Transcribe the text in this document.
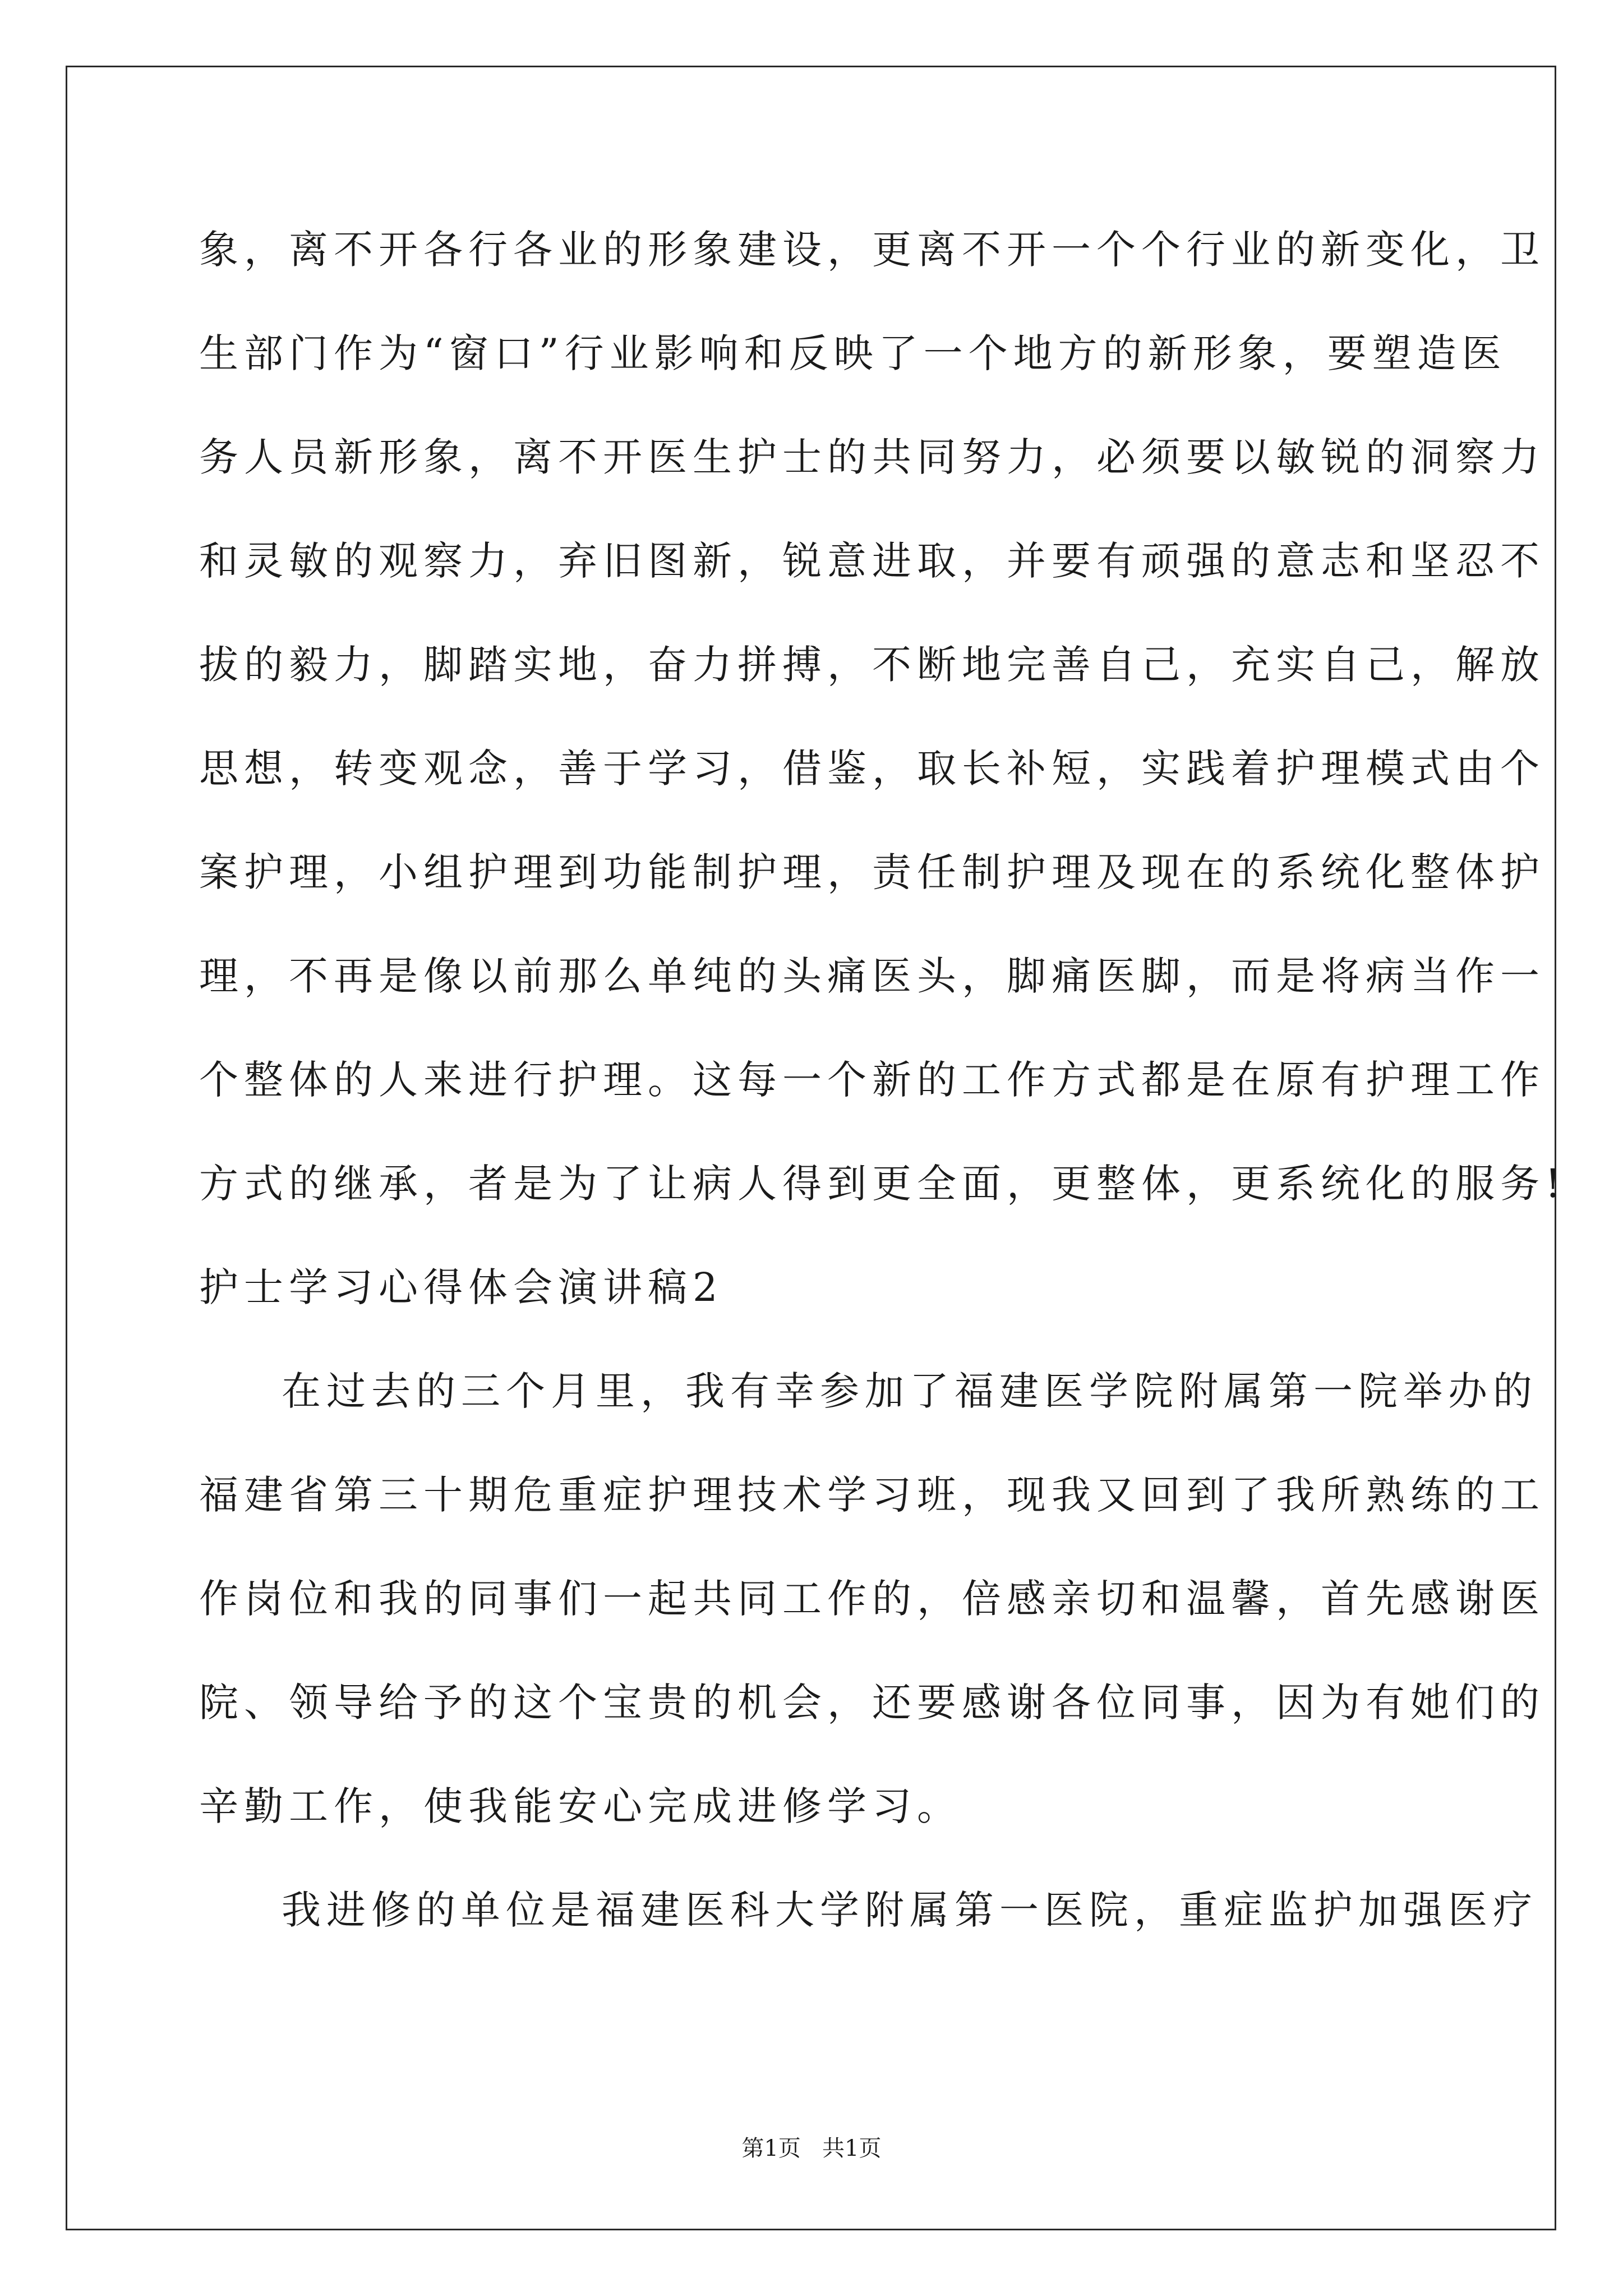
象，离不开各行各业的形象建设，更离不开一个个行业的新变化，卫
生部门作为“窗口”行业影响和反映了一个地方的新形象，要塑造医
务人员新形象，离不开医生护士的共同努力，必须要以敏锐的洞察力
和灵敏的观察力，弃旧图新，锐意进取，并要有顽强的意志和坚忍不
拔的毅力，脚踏实地，奋力拼搏，不断地完善自己，充实自己，解放
思想，转变观念，善于学习，借鉴，取长补短，实践着护理模式由个
案护理，小组护理到功能制护理，责任制护理及现在的系统化整体护
理，不再是像以前那么单纯的头痛医头，脚痛医脚，而是将病当作一
个整体的人来进行护理。这每一个新的工作方式都是在原有护理工作
方式的继承，者是为了让病人得到更全面，更整体，更系统化的服务!
护士学习心得体会演讲稿2
在过去的三个月里，我有幸参加了福建医学院附属第一院举办的
福建省第三十期危重症护理技术学习班，现我又回到了我所熟练的工
作岗位和我的同事们一起共同工作的，倍感亲切和温馨，首先感谢医
院、领导给予的这个宝贵的机会，还要感谢各位同事，因为有她们的
辛勤工作，使我能安心完成进修学习。
我进修的单位是福建医科大学附属第一医院，重症监护加强医疗
第1页   共1页
